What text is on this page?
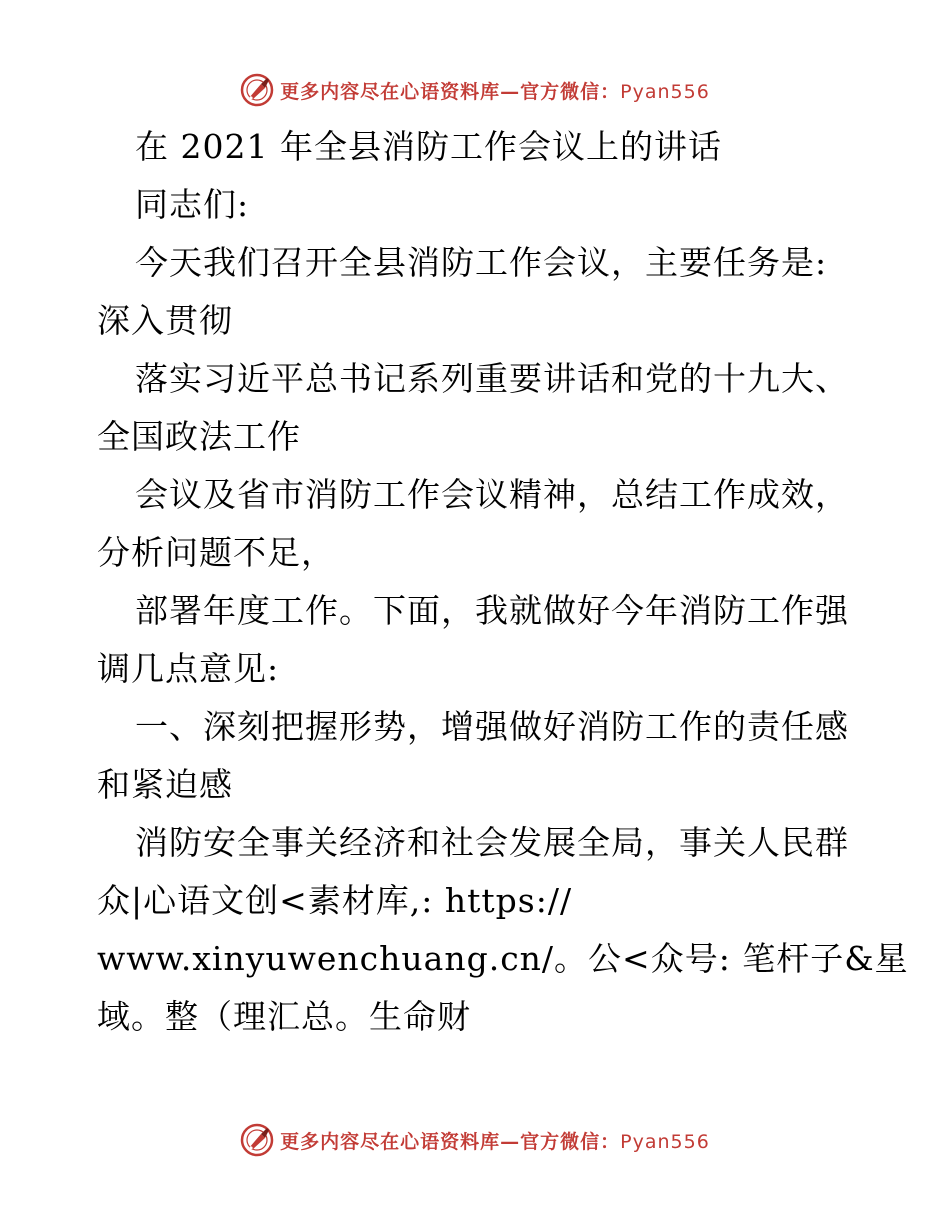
更多内容尽在心语资料库—官方微信：Pyan556
在 2021 年全县消防工作会议上的讲话
同志们:
今天我们召开全县消防工作会议，主要任务是:
深入贯彻
落实习近平总书记系列重要讲话和党的十九大、
全国政法工作
会议及省市消防工作会议精神，总结工作成效，
分析问题不足，
部署年度工作。下面，我就做好今年消防工作强
调几点意见:
一、深刻把握形势，增强做好消防工作的责任感
和紧迫感
消防安全事关经济和社会发展全局，事关人民群
众|心语文创<素材库,: https://
www.xinyuwenchuang.cn/。公<众号: 笔杆子&星
域。整（理汇总。生命财
更多内容尽在心语资料库—官方微信：Pyan556
